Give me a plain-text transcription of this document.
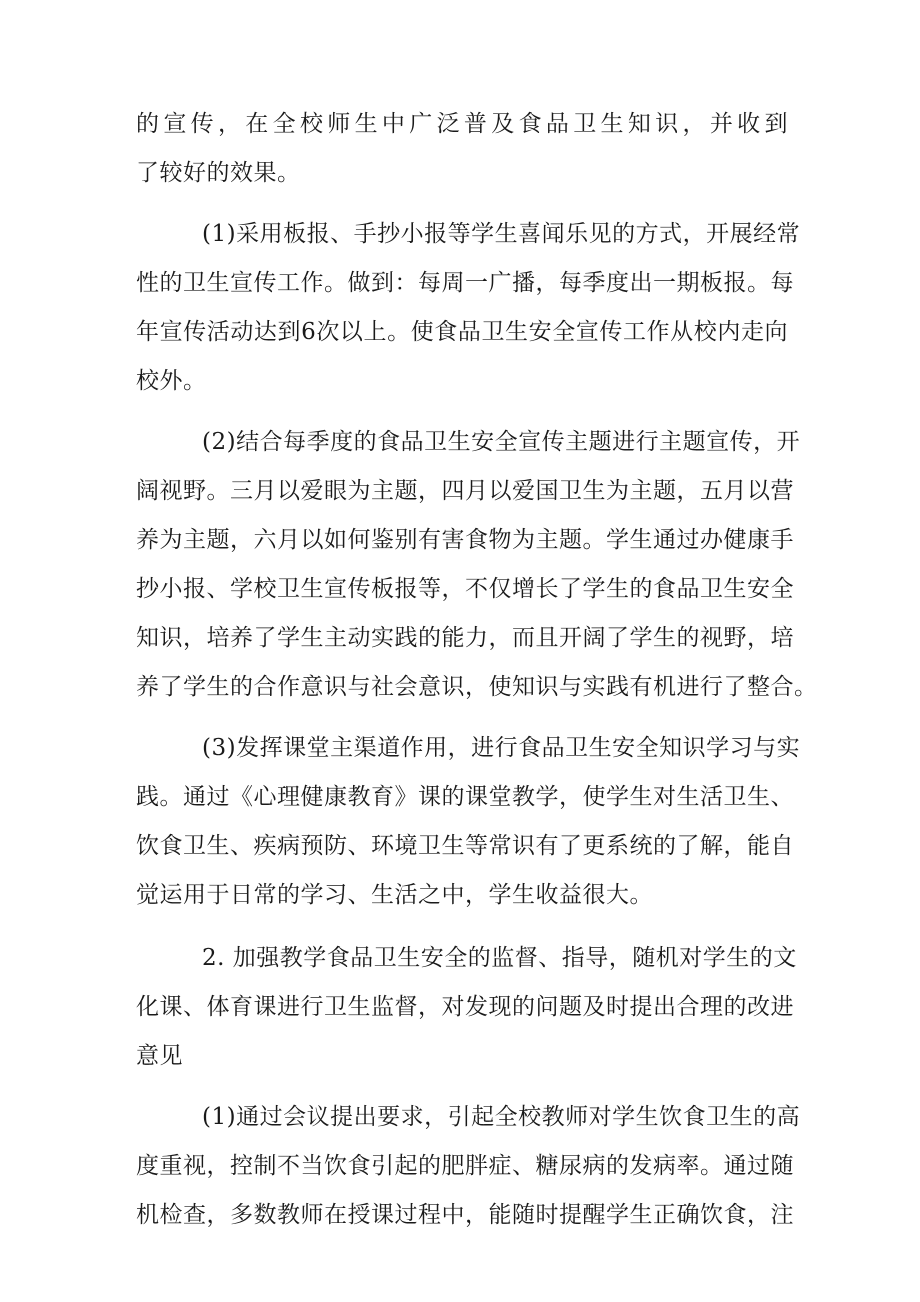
的宣传，在全校师生中广泛普及食品卫生知识，并收到
了较好的效果。
(1)采用板报、手抄小报等学生喜闻乐见的方式，开展经常
性的卫生宣传工作。做到：每周一广播，每季度出一期板报。每
年宣传活动达到6次以上。使食品卫生安全宣传工作从校内走向
校外。
(2)结合每季度的食品卫生安全宣传主题进行主题宣传，开
阔视野。三月以爱眼为主题，四月以爱国卫生为主题，五月以营
养为主题，六月以如何鉴别有害食物为主题。学生通过办健康手
抄小报、学校卫生宣传板报等，不仅增长了学生的食品卫生安全
知识，培养了学生主动实践的能力，而且开阔了学生的视野，培
养了学生的合作意识与社会意识，使知识与实践有机进行了整合。
(3)发挥课堂主渠道作用，进行食品卫生安全知识学习与实
践。通过《心理健康教育》课的课堂教学，使学生对生活卫生、
饮食卫生、疾病预防、环境卫生等常识有了更系统的了解，能自
觉运用于日常的学习、生活之中，学生收益很大。
2. 加强教学食品卫生安全的监督、指导，随机对学生的文
化课、体育课进行卫生监督，对发现的问题及时提出合理的改进
意见
(1)通过会议提出要求，引起全校教师对学生饮食卫生的高
度重视，控制不当饮食引起的肥胖症、糖尿病的发病率。通过随
机检查，多数教师在授课过程中，能随时提醒学生正确饮食，注
